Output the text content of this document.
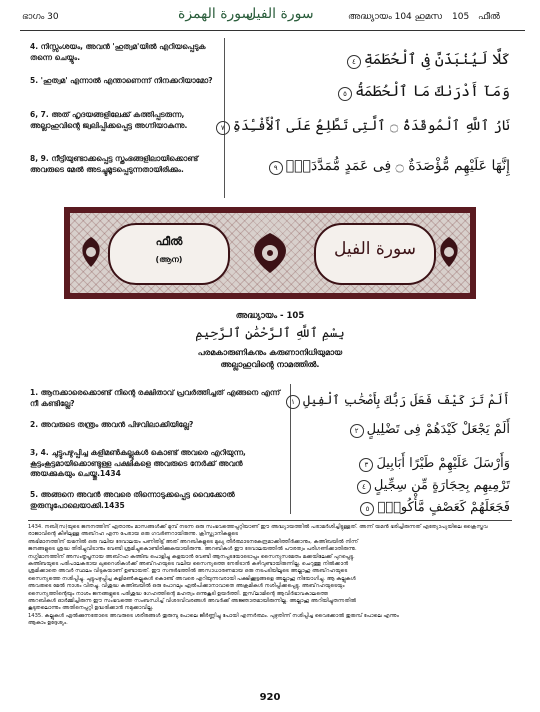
ഭാഗം 30	سورة الهمزة
سورة الفيل	അദ്ധ്യായം 104 ഹുമസ 105 ഫീൽ
4. നിസ്സംശയം, അവന്‍ 'ഹുത്വമ'യില്‍ എറിയപ്പെടുക തന്നെ ചെയ്യും.
5. 'ഹുത്വമ' എന്നാല്‍ എന്താണെന്ന് നിനക്കറിയാമോ?
6, 7. അത് ഹൃദയങ്ങളിലേക്ക് കത്തിപ്പടരുന്ന, അല്ലാഹുവിന്റെ ജ്വലിപ്പിക്കപ്പെട്ട അഗ്നിയാകുന്നു.
8, 9. നീട്ടിയുണ്ടാക്കപ്പെട്ട സ്തംഭങ്ങളിലായിക്കൊണ്ട് അവരുടെ മേല്‍ അടച്ചുമൂടപ്പെടുന്നതായിരിക്കും.
كَلَّا لَيُنۢبَذَنَّ فِى ٱلْحُطَمَةِ٤
وَمَآ أَدْرَىٰكَ مَا ٱلْحُطَمَةُ٥
نَارُ ٱللَّهِ ٱلْمُوقَدَةُ ۝ ٱلَّتِى تَطَّلِعُ عَلَى ٱلْأَفْـِٔدَةِ٧
إِنَّهَا عَلَيْهِم مُّؤْصَدَةٌ ۝ فِى عَمَدٍ مُّمَدَّدَةٍۭ٩
ഫീൽ
(ആന)
سورة الفيل
അദ്ധ്യായം - 105
بِسْمِ ٱللَّهِ ٱلرَّحْمَٰنِ ٱلرَّحِيمِ
പരമകാരുണികനും കരുണാനിധിയുമായ
അല്ലാഹുവിന്റെ നാമത്തില്‍.
1. ആനക്കാരെക്കൊണ്ട് നിന്റെ രക്ഷിതാവ് പ്രവര്‍ത്തിച്ചത് എങ്ങനെ എന്ന് നീ കണ്ടില്ലേ?
2. അവരുടെ തന്ത്രം അവന്‍ പിഴവിലാക്കിയില്ലേ?
3, 4. ചുട്ടുപഴുപ്പിച്ച കളിമണ്‍കല്ലുകള്‍ കൊണ്ട് അവരെ എറിയുന്ന, കൂട്ടംകൂട്ടമായിക്കൊണ്ടുള്ള പക്ഷികളെ അവരുടെ നേര്‍ക്ക് അവന്‍ അയക്കുകയും ചെയ്തു.1434
5. അങ്ങനെ അവന്‍ അവരെ തിന്നൊടുക്കപ്പെട്ട വൈക്കോല്‍ തുരുമ്പുപോലെയാക്കി.1435
أَلَمْ تَرَ كَيْفَ فَعَلَ رَبُّكَ بِأَصْحَٰبِ ٱلْفِيلِ١
أَلَمْ يَجْعَلْ كَيْدَهُمْ فِى تَضْلِيلٍ٢
وَأَرْسَلَ عَلَيْهِمْ طَيْرًا أَبَابِيلَ٣
تَرْمِيهِم بِحِجَارَةٍ مِّن سِجِّيلٍ٤
فَجَعَلَهُمْ كَعَصْفٍ مَّأْكُولٍۭ٥
1434. നബി(സ)യുടെ ജനനത്തിന് ഏതാനും മാസങ്ങള്‍ക്ക് മുമ്പ് നടന്ന ഒരു സംഭവത്തെപ്പറ്റിയാണ് ഈ അദ്ധ്യായത്തില്‍ പരാമര്‍ശിച്ചിട്ടുള്ളത്. അന്ന് യമന്‍ ഭരിച്ചിരുന്നത് എത്യോപ്യയിലെ ക്രൈസ്തവ രാജാവിന്റെ കീഴിലുള്ള അബ്‌റഹ എന്ന പേരായ ഒരു ഗവര്‍ണറായിരുന്നു. ക്രിസ്ത്യാനികളുടെ
അഭിമാനത്തിന് യമനില്‍ ഒരു വലിയ ദേവാലയം പണിതിട്ട് അത് അറബികളുടെ മുഖ്യ തീര്‍ത്ഥാടനകേന്ദ്രമാക്കിത്തീര്‍ക്കാനും, കഅ്ബയില്‍ നിന്ന്
ജനങ്ങളുടെ ശ്രദ്ധ തിരിച്ചുവിടാനും വേണ്ടി ശ്രമിച്ചുകൊണ്ടിരിക്കുകയായിരുന്നു. അറബികള്‍ ഈ ദേവാലയത്തില്‍ പൗരത്വം പരിഗണിക്കാതിരുന്നു.
നഗ്ഗിമാനത്തിന് അസംതൃപ്തനായ അബ്‌റഹ കഅ്ബ പൊളിച്ചു കളയാന്‍ വേണ്ടി ആനപ്പടയോടൊപ്പം സൈന്യസമേതം മക്കയിലേക്ക് പുറപ്പെട്ടു.
കഅ്ബയുടെ പരിപാലകരായ ഖുറൈശികള്‍ക്ക് അബ്‌റഹയുടെ വലിയ സൈന്യത്തെ നേരിടാന്‍ കഴിവുണ്ടായിരുന്നില്ല. ചെറുത്തു നില്‍ക്കാന്‍
ശ്രമിക്കാതെ അവര്‍ സ്ഥലം വിടുകയാണ് ഉണ്ടായത്. ഈ സന്ദര്‍ഭത്തില്‍ അസാധാരണമായ ഒരു നടപടിയിലൂടെ അല്ലാഹു അബ്‌റഹയുടെ
സൈന്യത്തെ നശിപ്പിച്ചു. ചുട്ടുപഴുപ്പിച്ച കളിമണ്‍കല്ലുകള്‍ കൊണ്ട് അവരെ എറിയുന്നവരായി പക്ഷിക്കൂട്ടങ്ങളെ അല്ലാഹു നിയോഗിച്ചു. ആ കല്ലുകള്‍
അവരുടെ മേല്‍ നാശം വിതച്ചു. വിശുദ്ധ കഅ്ബയില്‍ ഒരു പോറലും ഏല്‍പിക്കാനാവാതെ അക്രമികള്‍ നശിപ്പിക്കപ്പെട്ടു. അബ്‌റഹയുടെയും
സൈന്യത്തിന്റെയും നാശം ജനങ്ങളുടെ പരിശുദ്ധ ഗേഹത്തിന്റെ മഹത്വം ഒന്നുകൂടി ഉയര്‍ത്തി. ഇസ്‌ലാമിന്റെ ആവിര്‍ഭാവകാലത്തെ
അറബികള്‍ ഓര്‍മ്മിച്ചിരുന്ന ഈ സംഭവത്തെ സംബന്ധിച്ച് വിശദവിവരങ്ങള്‍ അവര്‍ക്ക് അജ്ഞാതമായിരുന്നില്ല. അല്ലാഹു അറിയിച്ചുതന്നതില്‍
കൂടുതലൊന്നും അതിനെപ്പറ്റി ഉദ്ധരിക്കാന്‍ നമുക്കാവില്ല.
1435. കല്ലുകള്‍ ഏല്‍ക്കുന്നതോടെ അവരുടെ ശരീരങ്ങള്‍ തുരുമ്പു പോലെ ജീര്‍ണ്ണിച്ചു പോയി എന്നര്‍ത്ഥം. പുഴുതിന്ന് നശിപ്പിച്ച വൈക്കോല്‍ തുരുമ്പ് പോലെ എന്നും
ആകാം ഉദ്ദേശ്യം.
920
